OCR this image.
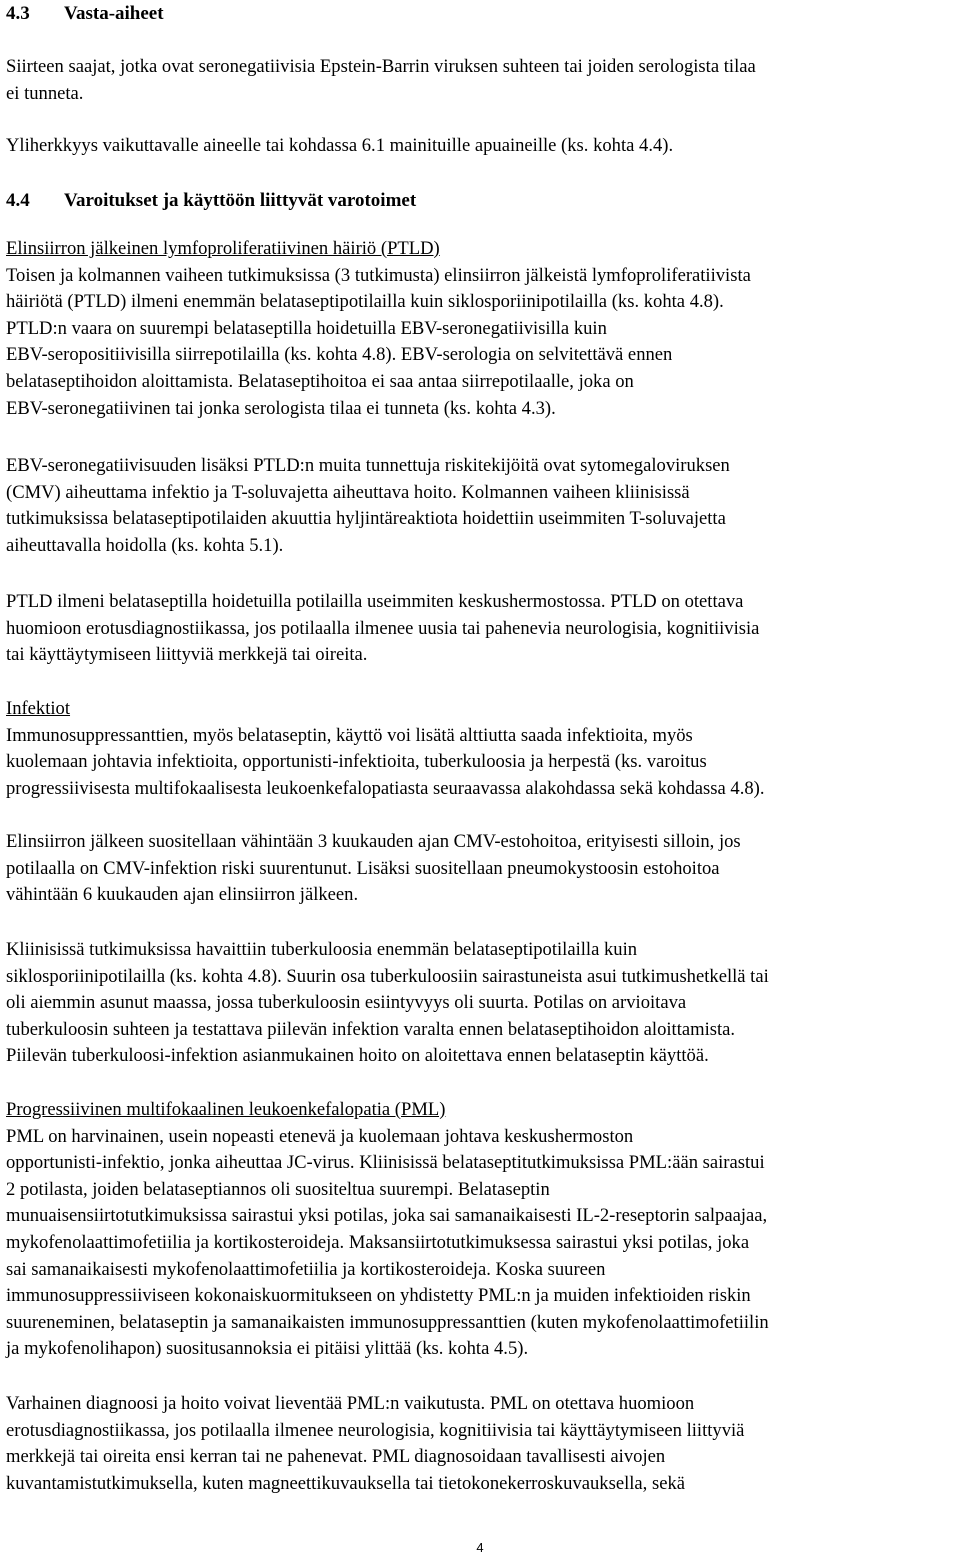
4.3 Vasta-aiheet
Siirteen saajat, jotka ovat seronegatiivisia Epstein-Barrin viruksen suhteen tai joiden serologista tilaa
ei tunneta.
Yliherkkyys vaikuttavalle aineelle tai kohdassa 6.1 mainituille apuaineille (ks. kohta 4.4).
4.4 Varoitukset ja käyttöön liittyvät varotoimet
Elinsiirron jälkeinen lymfoproliferatiivinen häiriö (PTLD)
Toisen ja kolmannen vaiheen tutkimuksissa (3 tutkimusta) elinsiirron jälkeistä lymfoproliferatiivista
häiriötä (PTLD) ilmeni enemmän belataseptipotilailla kuin siklosporiinipotilailla (ks. kohta 4.8).
PTLD:n vaara on suurempi belataseptilla hoidetuilla EBV-seronegatiivisilla kuin
EBV-seropositiivisilla siirrepotilailla (ks. kohta 4.8). EBV-serologia on selvitettävä ennen
belataseptihoidon aloittamista. Belataseptihoitoa ei saa antaa siirrepotilaalle, joka on
EBV-seronegatiivinen tai jonka serologista tilaa ei tunneta (ks. kohta 4.3).
EBV-seronegatiivisuuden lisäksi PTLD:n muita tunnettuja riskitekijöitä ovat sytomegaloviruksen
(CMV) aiheuttama infektio ja T-soluvajetta aiheuttava hoito. Kolmannen vaiheen kliinisissä
tutkimuksissa belataseptipotilaiden akuuttia hyljintäreaktiota hoidettiin useimmiten T-soluvajetta
aiheuttavalla hoidolla (ks. kohta 5.1).
PTLD ilmeni belataseptilla hoidetuilla potilailla useimmiten keskushermostossa. PTLD on otettava
huomioon erotusdiagnostiikassa, jos potilaalla ilmenee uusia tai pahenevia neurologisia, kognitiivisia
tai käyttäytymiseen liittyviä merkkejä tai oireita.
Infektiot
Immunosuppressanttien, myös belataseptin, käyttö voi lisätä alttiutta saada infektioita, myös
kuolemaan johtavia infektioita, opportunisti-infektioita, tuberkuloosia ja herpestä (ks. varoitus
progressiivisesta multifokaalisesta leukoenkefalopatiasta seuraavassa alakohdassa sekä kohdassa 4.8).
Elinsiirron jälkeen suositellaan vähintään 3 kuukauden ajan CMV-estohoitoa, erityisesti silloin, jos
potilaalla on CMV-infektion riski suurentunut. Lisäksi suositellaan pneumokystoosin estohoitoa
vähintään 6 kuukauden ajan elinsiirron jälkeen.
Kliinisissä tutkimuksissa havaittiin tuberkuloosia enemmän belataseptipotilailla kuin
siklosporiinipotilailla (ks. kohta 4.8). Suurin osa tuberkuloosiin sairastuneista asui tutkimushetkellä tai
oli aiemmin asunut maassa, jossa tuberkuloosin esiintyvyys oli suurta. Potilas on arvioitava
tuberkuloosin suhteen ja testattava piilevän infektion varalta ennen belataseptihoidon aloittamista.
Piilevän tuberkuloosi-infektion asianmukainen hoito on aloitettava ennen belataseptin käyttöä.
Progressiivinen multifokaalinen leukoenkefalopatia (PML)
PML on harvinainen, usein nopeasti etenevä ja kuolemaan johtava keskushermoston
opportunisti-infektio, jonka aiheuttaa JC-virus. Kliinisissä belataseptitutkimuksissa PML:ään sairastui
2 potilasta, joiden belataseptiannos oli suositeltua suurempi. Belataseptin
munuaisensiirtotutkimuksissa sairastui yksi potilas, joka sai samanaikaisesti IL-2-reseptorin salpaajaa,
mykofenolaattimofetiilia ja kortikosteroideja. Maksansiirtotutkimuksessa sairastui yksi potilas, joka
sai samanaikaisesti mykofenolaattimofetiilia ja kortikosteroideja. Koska suureen
immunosuppressiiviseen kokonaiskuormitukseen on yhdistetty PML:n ja muiden infektioiden riskin
suureneminen, belataseptin ja samanaikaisten immunosuppressanttien (kuten mykofenolaattimofetiilin
ja mykofenolihapon) suositusannoksia ei pitäisi ylittää (ks. kohta 4.5).
Varhainen diagnoosi ja hoito voivat lieventää PML:n vaikutusta. PML on otettava huomioon
erotusdiagnostiikassa, jos potilaalla ilmenee neurologisia, kognitiivisia tai käyttäytymiseen liittyviä
merkkejä tai oireita ensi kerran tai ne pahenevat. PML diagnosoidaan tavallisesti aivojen
kuvantamistutkimuksella, kuten magneettikuvauksella tai tietokonekerroskuvauksella, sekä
4
